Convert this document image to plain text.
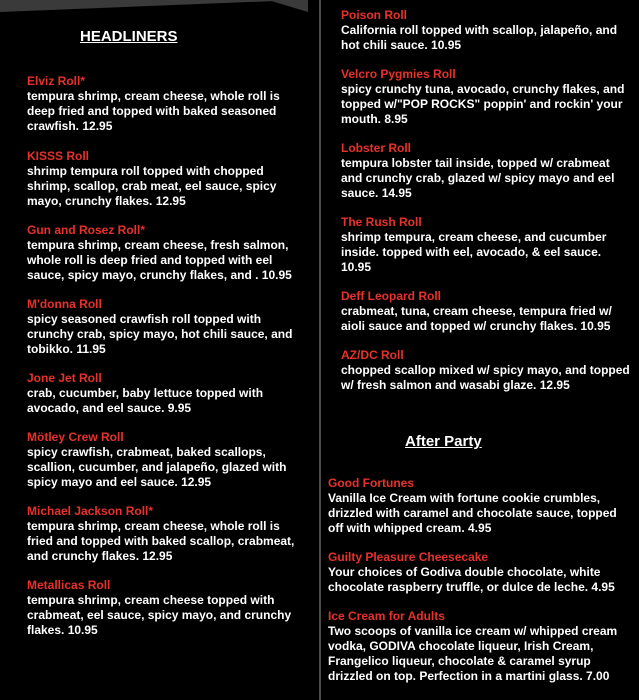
HEADLINERS
Elviz Roll*
tempura shrimp, cream cheese, whole roll is deep fried and topped with baked seasoned crawfish. 12.95
KISSS Roll
shrimp tempura roll topped with chopped shrimp, scallop, crab meat, eel sauce, spicy mayo, crunchy flakes. 12.95
Gun and Rosez Roll*
tempura shrimp, cream cheese, fresh salmon, whole roll is deep fried and topped with eel sauce, spicy mayo, crunchy flakes, and . 10.95
M'donna Roll
spicy seasoned crawfish roll topped with crunchy crab, spicy mayo, hot chili sauce, and tobikko. 11.95
Jone Jet Roll
crab, cucumber, baby lettuce topped with avocado, and eel sauce. 9.95
Mötley Crew Roll
spicy crawfish, crabmeat, baked scallops, scallion, cucumber, and jalapeño, glazed with spicy mayo and eel sauce. 12.95
Michael Jackson Roll*
tempura shrimp, cream cheese, whole roll is fried and topped with baked scallop, crabmeat, and crunchy flakes. 12.95
Metallicas Roll
tempura shrimp, cream cheese topped with crabmeat, eel sauce, spicy mayo, and crunchy flakes. 10.95
Poison Roll
California roll topped with scallop, jalapeño, and hot chili sauce. 10.95
Velcro Pygmies Roll
spicy crunchy tuna, avocado, crunchy flakes, and topped w/"POP ROCKS" poppin' and rockin' your mouth. 8.95
Lobster Roll
tempura lobster tail inside, topped w/ crabmeat and crunchy crab, glazed w/ spicy mayo and eel sauce. 14.95
The Rush Roll
shrimp tempura, cream cheese, and cucumber inside. topped with eel, avocado, & eel sauce. 10.95
Deff Leopard Roll
crabmeat, tuna, cream cheese, tempura fried w/ aioli sauce and topped w/ crunchy flakes. 10.95
AZ/DC Roll
chopped scallop mixed w/ spicy mayo, and topped w/ fresh salmon and wasabi glaze. 12.95
After Party
Good Fortunes
Vanilla Ice Cream with fortune cookie crumbles, drizzled with caramel and chocolate sauce, topped off with whipped cream. 4.95
Guilty Pleasure Cheesecake
Your choices of Godiva double chocolate, white chocolate raspberry truffle, or dulce de leche. 4.95
Ice Cream for Adults
Two scoops of vanilla ice cream w/ whipped cream vodka, GODIVA chocolate liqueur, Irish Cream, Frangelico liqueur, chocolate & caramel syrup drizzled on top. Perfection in a martini glass. 7.00
